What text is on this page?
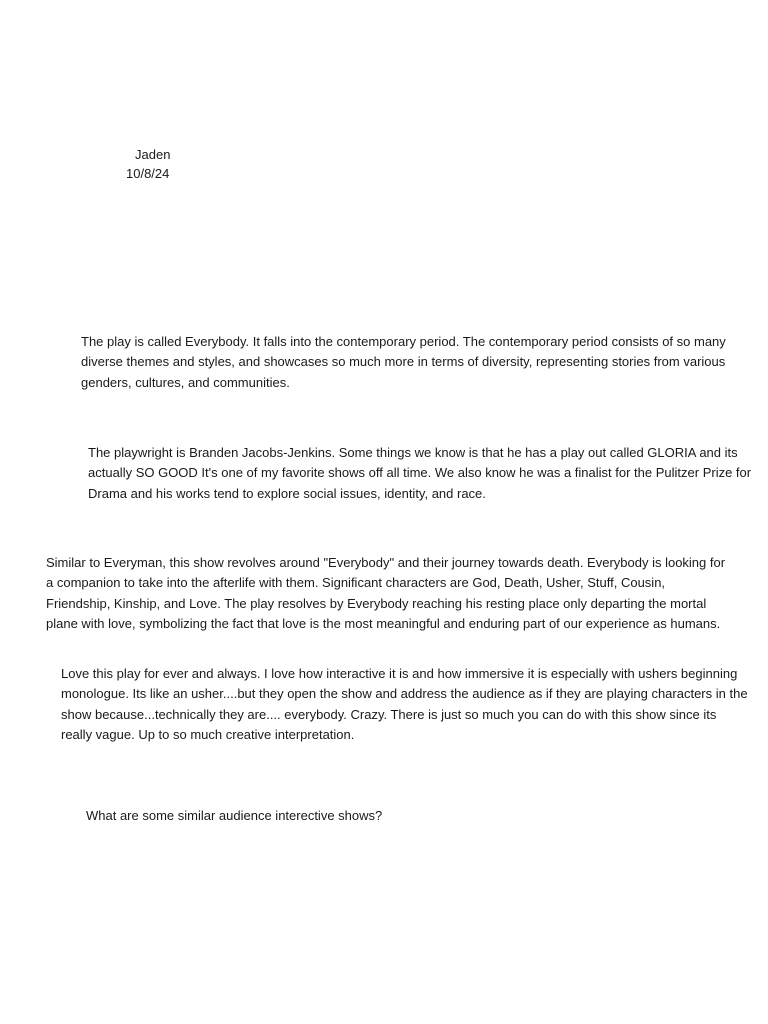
Jaden
10/8/24

The play is called Everybody. It falls into the contemporary period. The contemporary period consists of so many diverse themes and styles, and showcases so much more in terms of diversity, representing stories from various genders, cultures, and communities.

The playwright is Branden Jacobs-Jenkins. Some things we know is that he has a play out called GLORIA and its actually SO GOOD It's one of my favorite shows off all time. We also know he was a finalist for the Pulitzer Prize for Drama and his works tend to explore social issues, identity, and race.

Similar to Everyman, this show revolves around "Everybody" and their journey towards death. Everybody is looking for a companion to take into the afterlife with them. Significant characters are God, Death, Usher, Stuff, Cousin, Friendship, Kinship, and Love. The play resolves by Everybody reaching his resting place only departing the mortal plane with love, symbolizing the fact that love is the most meaningful and enduring part of our experience as humans.

Love this play for ever and always. I love how interactive it is and how immersive it is especially with ushers beginning monologue. Its like an usher....but they open the show and address the audience as if they are playing characters in the show because...technically they are.... everybody. Crazy. There is just so much you can do with this show since its really vague. Up to so much creative interpretation.

What are some similar audience interective shows?
